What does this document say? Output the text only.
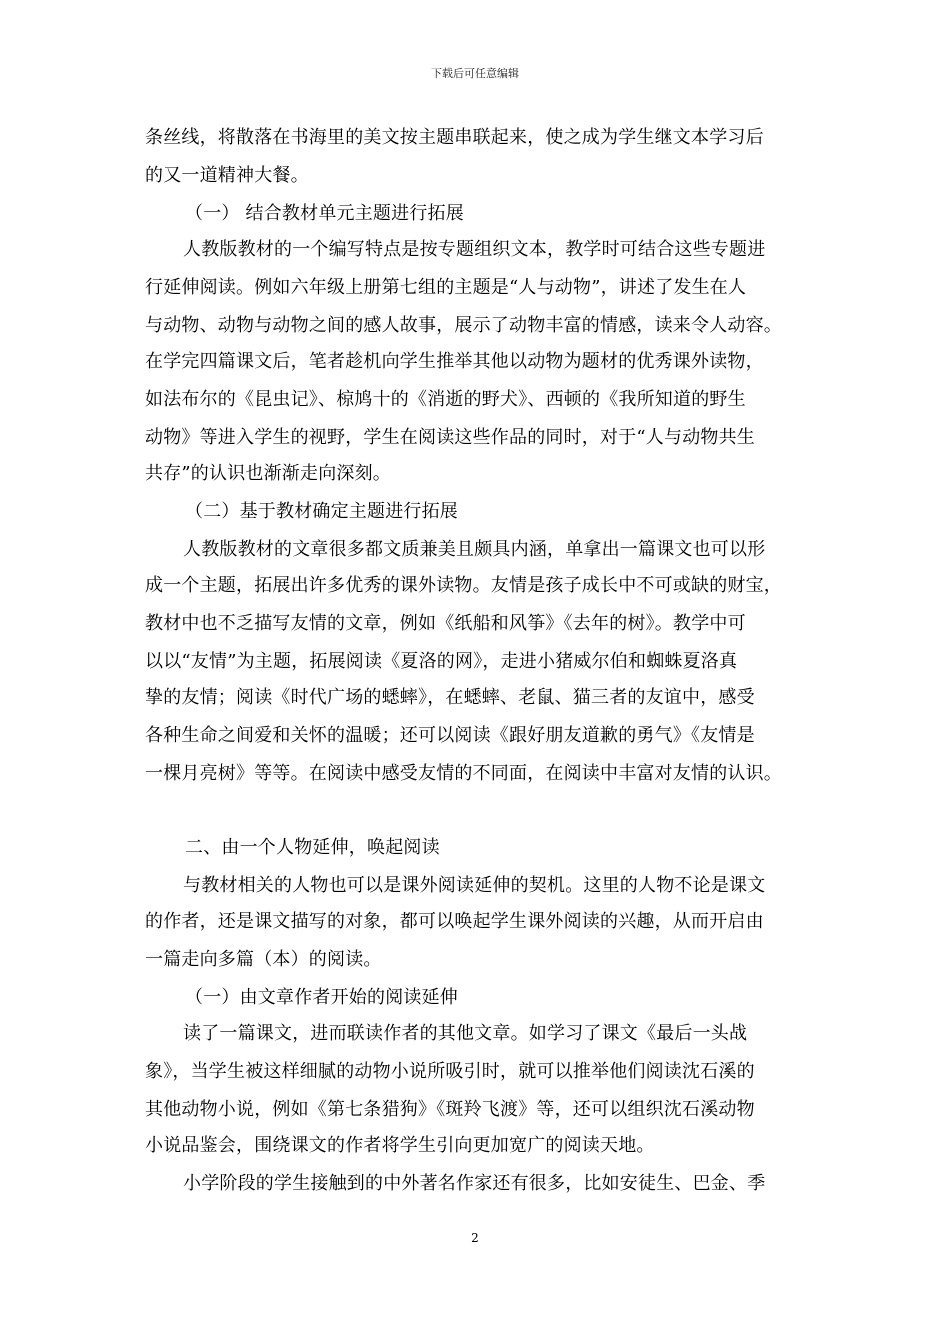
下载后可任意编辑
条丝线，将散落在书海里的美文按主题串联起来，使之成为学生继文本学习后
的又一道精神大餐。
（一） 结合教材单元主题进行拓展
人教版教材的一个编写特点是按专题组织文本，教学时可结合这些专题进
行延伸阅读。例如六年级上册第七组的主题是“人与动物”，讲述了发生在人
与动物、动物与动物之间的感人故事，展示了动物丰富的情感，读来令人动容。
在学完四篇课文后，笔者趁机向学生推举其他以动物为题材的优秀课外读物，
如法布尔的《昆虫记》、椋鸠十的《消逝的野犬》、西顿的《我所知道的野生
动物》等进入学生的视野，学生在阅读这些作品的同时，对于“人与动物共生
共存”的认识也渐渐走向深刻。
（二）基于教材确定主题进行拓展
人教版教材的文章很多都文质兼美且颇具内涵，单拿出一篇课文也可以形
成一个主题，拓展出许多优秀的课外读物。友情是孩子成长中不可或缺的财宝，
教材中也不乏描写友情的文章，例如《纸船和风筝》《去年的树》。教学中可
以以“友情”为主题，拓展阅读《夏洛的网》，走进小猪威尔伯和蜘蛛夏洛真
挚的友情；阅读《时代广场的蟋蟀》，在蟋蟀、老鼠、猫三者的友谊中，感受
各种生命之间爱和关怀的温暖；还可以阅读《跟好朋友道歉的勇气》《友情是
一棵月亮树》等等。在阅读中感受友情的不同面，在阅读中丰富对友情的认识。
二、由一个人物延伸，唤起阅读
与教材相关的人物也可以是课外阅读延伸的契机。这里的人物不论是课文
的作者，还是课文描写的对象，都可以唤起学生课外阅读的兴趣，从而开启由
一篇走向多篇（本）的阅读。
（一）由文章作者开始的阅读延伸
读了一篇课文，进而联读作者的其他文章。如学习了课文《最后一头战
象》，当学生被这样细腻的动物小说所吸引时，就可以推举他们阅读沈石溪的
其他动物小说，例如《第七条猎狗》《斑羚飞渡》等，还可以组织沈石溪动物
小说品鉴会，围绕课文的作者将学生引向更加宽广的阅读天地。
小学阶段的学生接触到的中外著名作家还有很多，比如安徒生、巴金、季
2
